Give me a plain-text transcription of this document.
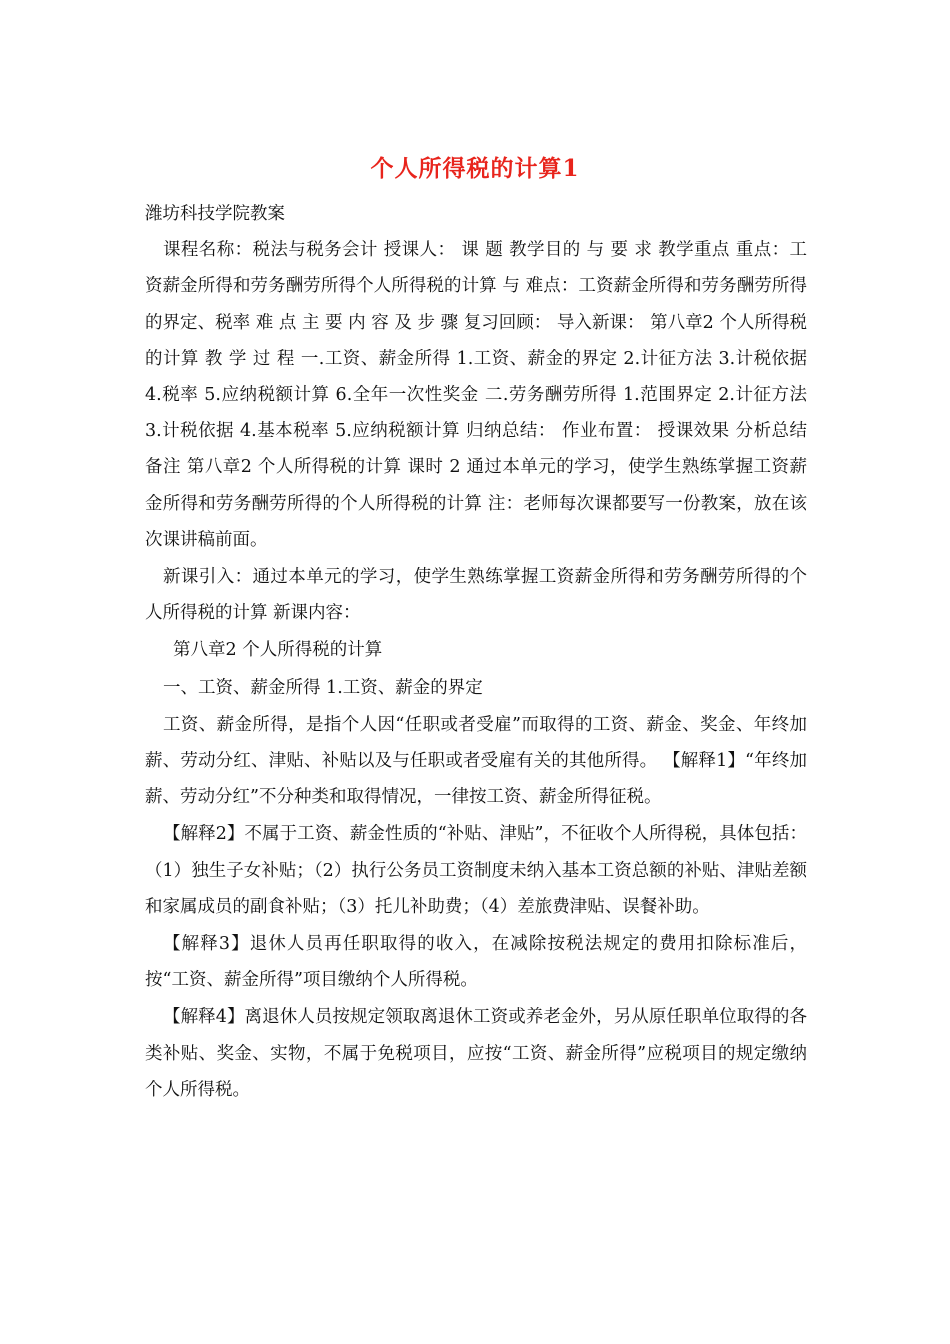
个人所得税的计算1

潍坊科技学院教案

课程名称：税法与税务会计 授课人： 课 题 教学目的 与 要 求 教学重点 重点：工资薪金所得和劳务酬劳所得个人所得税的计算 与 难点：工资薪金所得和劳务酬劳所得的界定、税率 难 点 主 要 内 容 及 步 骤 复习回顾： 导入新课： 第八章2 个人所得税的计算 教 学 过 程 一.工资、薪金所得 1.工资、薪金的界定 2.计征方法 3.计税依据 4.税率 5.应纳税额计算 6.全年一次性奖金 二.劳务酬劳所得 1.范围界定 2.计征方法 3.计税依据 4.基本税率 5.应纳税额计算 归纳总结： 作业布置： 授课效果 分析总结 备注 第八章2 个人所得税的计算 课时 2 通过本单元的学习，使学生熟练掌握工资薪金所得和劳务酬劳所得的个人所得税的计算 注：老师每次课都要写一份教案，放在该次课讲稿前面。

新课引入：通过本单元的学习，使学生熟练掌握工资薪金所得和劳务酬劳所得的个人所得税的计算 新课内容：

第八章2 个人所得税的计算

一、工资、薪金所得 1.工资、薪金的界定

工资、薪金所得，是指个人因“任职或者受雇”而取得的工资、薪金、奖金、年终加薪、劳动分红、津贴、补贴以及与任职或者受雇有关的其他所得。 【解释1】“年终加薪、劳动分红”不分种类和取得情况，一律按工资、薪金所得征税。

【解释2】不属于工资、薪金性质的“补贴、津贴”，不征收个人所得税，具体包括：（1）独生子女补贴；（2）执行公务员工资制度未纳入基本工资总额的补贴、津贴差额和家属成员的副食补贴；（3）托儿补助费；（4）差旅费津贴、误餐补助。

【解释3】退休人员再任职取得的收入，在减除按税法规定的费用扣除标准后，按“工资、薪金所得”项目缴纳个人所得税。

【解释4】离退休人员按规定领取离退休工资或养老金外，另从原任职单位取得的各类补贴、奖金、实物，不属于免税项目，应按“工资、薪金所得”应税项目的规定缴纳个人所得税。
